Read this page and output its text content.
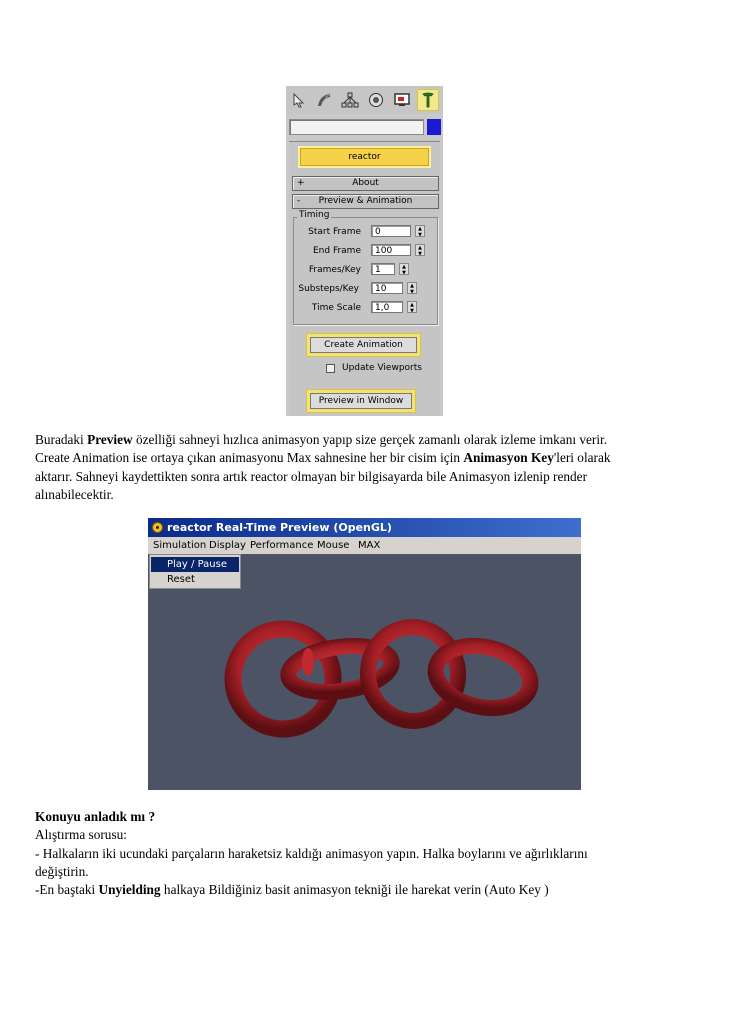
reactor
+	About
-	Preview & Animation
Timing
Start Frame	0	▲
▼
End Frame	100	▲
▼
Frames/Key	1	▲
▼
Substeps/Key	10	▲
▼
Time Scale	1,0	▲
▼
Create Animation
Update Viewports
Preview in Window
Buradaki Preview özelliği sahneyi hızlıca animasyon yapıp size gerçek zamanlı olarak izleme imkanı verir.
Create Animation ise ortaya çıkan animasyonu Max sahnesine her bir cisim için Animasyon Key'leri olarak
aktarır. Sahneyi kaydettikten sonra artık reactor olmayan bir bilgisayarda bile Animasyon izlenip render
alınabilecektir.
reactor Real-Time Preview (OpenGL)
Simulation Display Performance Mouse MAX
Play / Pause
Reset
Konuyu anladık mı ?
Alıştırma sorusu:
- Halkaların iki ucundaki parçaların haraketsiz kaldığı animasyon yapın. Halka boylarını ve ağırlıklarını
değiştirin.
-En baştaki Unyielding halkaya Bildiğiniz basit animasyon tekniği ile harekat verin (Auto Key )
